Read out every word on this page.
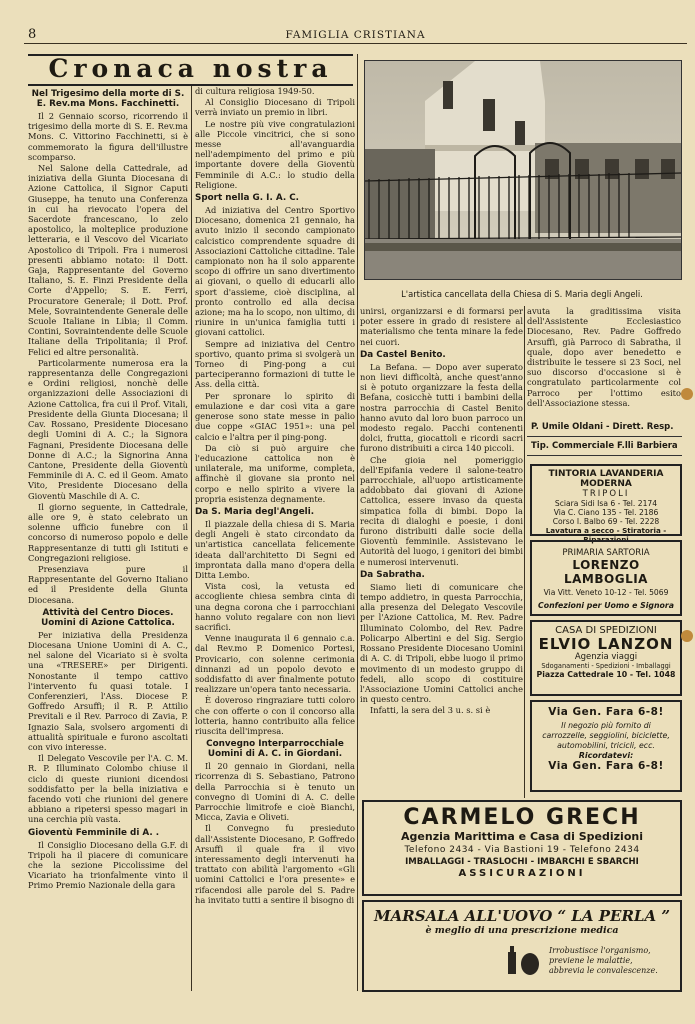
8	FAMIGLIA CRISTIANA
Cronaca nostra
Nel Trigesimo della morte di S. E. Rev.ma Mons. Facchinetti.

Il 2 Gennaio scorso, ricorrendo il trigesimo della morte di S. E. Rev.ma Mons. C. Vittorino Facchinetti, si è commemorato la figura dell'illustre scomparso.

Nel Salone della Cattedrale, ad iniziativa della Giunta Diocesana di Azione Cattolica, il Signor Caputi Giuseppe, ha tenuto una Conferenza in cui ha rievocato l'opera del Sacerdote francescano, lo zelo apostolico, la molteplice produzione letteraria, e il Vescovo del Vicariato Apostolico di Tripoli. Fra i numerosi presenti abbiamo notato: il Dott. Gaja, Rappresentante del Governo Italiano, S. E. Finzi Presidente della Corte d'Appello; S. E. Ferri, Procuratore Generale; il Dott. Prof. Mele, Sovraintendente Generale delle Scuole Italiane in Libia; il Comm. Contini, Sovraintendente delle Scuole Italiane della Tripolitania; il Prof. Felici ed altre personalità.

Particolarmente numerosa era la rappresentanza delle Congregazioni e Ordini religiosi, nonchè delle organizzazioni delle Associazioni di Azione Cattolica, fra cui il Prof. Vitali, Presidente della Giunta Diocesana; il Cav. Rossano, Presidente Diocesano degli Uomini di A. C.; la Signora Fagnani, Presidente Diocesana delle Donne di A.C.; la Signorina Anna Cantone, Presidente della Gioventù Femminile di A. C. ed il Geom. Amato Vito, Presidente Diocesano della Gioventù Maschile di A. C.

Il giorno seguente, in Cattedrale, alle ore 9, è stato celebrato un solenne ufficio funebre con il concorso di numeroso popolo e delle Rappresentanze di tutti gli Istituti e Congregazioni religiose.

Presenziava pure il Rappresentante del Governo Italiano ed il Presidente della Giunta Diocesana.

Attività del Centro Dioces. Uomini di Azione Cattolica.

Per iniziativa della Presidenza Diocesana Unione Uomini di A. C., nel salone del Vicariato si è svolta una «TRESERE» per Dirigenti. Nonostante il tempo cattivo l'intervento fu quasi totale. I Conferenzieri, l'Ass. Diocese P. Goffredo Arsuffi; il R. P. Attilio Previtali e il Rev. Parroco di Zavia, P. Ignazio Sala, svolsero argomenti di attualità spirituale e furono ascoltati con vivo interesse.

Il Delegato Vescovile per l'A. C. M. R. P. Illuminato Colombo chiuse il ciclo di queste riunioni dicendosi soddisfatto per la bella iniziativa e facendo voti che riunioni del genere abbiano a ripetersi spesso magari in una cerchia più vasta.

Gioventù Femminile di A. .

Il Consiglio Diocesano della G.F. di Tripoli ha il piacere di comunicare che la sezione Piccolissime del Vicariato ha trionfalmente vinto il Primo Premio Nazionale della gara

di cultura religiosa 1949-50.

Al Consiglio Diocesano di Tripoli verrà inviato un premio in libri.

Le nostre più vive congratulazioni alle Piccole vincitrici, che si sono messe all'avanguardia nell'adempimento del primo e più importante dovere della Gioventù Femminile di A.C.: lo studio della Religione.

Sport nella G. I. A. C.

Ad iniziativa del Centro Sportivo Diocesano, domenica 21 gennaio, ha avuto inizio il secondo campionato calcistico comprendente squadre di Associazioni Cattoliche cittadine. Tale campionato non ha il solo apparente scopo di offrire un sano divertimento ai giovani, o quello di educarli allo sport d'assieme, cioè disciplina, al pronto controllo ed alla decisa azione; ma ha lo scopo, non ultimo, di riunire in un'unica famiglia tutti i giovani cattolici.

Sempre ad iniziativa del Centro sportivo, quanto prima si svolgerà un Torneo di Ping-pong a cui parteciperanno formazioni di tutte le Ass. della città.

Per spronare lo spirito di emulazione e dar così vita a gare generose sono state messe in palio due coppe «GIAC 1951»: una pel calcio e l'altra per il ping-pong.

Da ciò si può arguire che l'educazione cattolica non è unilaterale, ma uniforme, completa, affinchè il giovane sia pronto nel corpo e nello spirito a vivere la propria esistenza degnamente.

Da S. Maria degl'Angeli.

Il piazzale della chiesa di S. Maria degli Angeli è stato circondato da un'artistica cancellata felicemente ideata dall'architetto Di Segni ed improntata dalla mano d'opera della Ditta Lembo.

Vista così, la vetusta ed accogliente chiesa sembra cinta di una degna corona che i parrocchiani hanno voluto regalare con non lievi sacrifici.

Venne inaugurata il 6 gennaio c.a. dal Rev.mo P. Domenico Portesi, Provicario, con solenne cerimonia dinnanzi ad un popolo devoto e soddisfatto di aver finalmente potuto realizzare un'opera tanto necessaria.

È doveroso ringraziare tutti coloro che con offerte o con il concorso alla lotteria, hanno contribuito alla felice riuscita dell'impresa.

Convegno Interparrocchiale Uomini di A. C. in Giordani.

Il 20 gennaio in Giordani, nella ricorrenza di S. Sebastiano, Patrono della Parrocchia si è tenuto un convegno di Uomini di A. C. delle Parrocchie limitrofe e cioè Bianchi, Micca, Zavia e Oliveti.

Il Convegno fu presieduto dall'Assistente Diocesano, P. Goffredo Arsuffi il quale fra il vivo interessamento degli intervenuti ha trattato con abilità l'argomento «Gli uomini Cattolici e l'ora presente» e rifacendosi alle parole del S. Padre ha invitato tutti a sentire il bisogno di

L'artistica cancellata della Chiesa di S. Maria degli Angeli.

unirsi, organizzarsi e di formarsi per poter essere in grado di resistere al materialismo che tenta minare la fede nei cuori.

Da Castel Benito.

La Befana. — Dopo aver superato non lievi difficoltà, anche quest'anno si è potuto organizzare la festa della Befana, cosicchè tutti i bambini della nostra parrocchia di Castel Benito hanno avuto dal loro buon parroco un modesto regalo. Pacchi contenenti dolci, frutta, giocattoli e ricordi sacri furono distribuiti a circa 140 piccoli.

Che gioia nel pomeriggio dell'Epifania vedere il salone-teatro parrocchiale, all'uopo artisticamente addobbato dai giovani di Azione Cattolica, essere invaso da questa simpatica folla di bimbi. Dopo la recita di dialoghi e poesie, i doni furono distribuiti dalle socie della Gioventù femminile. Assistevano le Autorità del luogo, i genitori dei bimbi e numerosi intervenuti.

Da Sabratha.

Siamo lieti di comunicare che tempo addietro, in questa Parrocchia, alla presenza del Delegato Vescovile per l'Azione Cattolica, M. Rev. Padre Illuminato Colombo, del Rev. Padre Policarpo Albertini e del Sig. Sergio Rossano Presidente Diocesano Uomini di A. C. di Tripoli, ebbe luogo il primo movimento di un modesto gruppo di fedeli, allo scopo di costituire l'Associazione Uomini Cattolici anche in questo centro.

Infatti, la sera del 3 u. s. si è

avuta la graditissima visita dell'Assistente Ecclesiastico Diocesano, Rev. Padre Goffredo Arsuffi, già Parroco di Sabratha, il quale, dopo aver benedetto e distribuite le tessere si 23 Soci, nel suo discorso d'occasione si è congratulato particolarmente col Parroco per l'ottimo esito dell'Associazione stessa.

P. Umile Oldani - Dirett. Resp.
Tip. Commerciale F.lli Barbiera
TINTORIA LAVANDERIA MODERNA
TRIPOLI
Sciara Sidi Isa 6 - Tel. 2174
Via C. Ciano 135 - Tel. 2186
Corso I. Balbo 69 - Tel. 2228
Lavatura a secco - Stiratoria - Riparazioni
PRIMARIA SARTORIA
LORENZO LAMBOGLIA
Via Vitt. Veneto 10-12 - Tel. 5069
Confezioni per Uomo e Signora
CASA DI SPEDIZIONI
ELVIO LANZON
Agenzia viaggi
Sdoganamenti - Spedizioni - Imballaggi
Piazza Cattedrale 10 - Tel. 1048
Via Gen. Fara 6-8!
Il negozio più fornito di carrozzelle, seggiolini, biciclette, automobilini, tricicli, ecc.
Ricordatevi:
Via Gen. Fara 6-8!
CARMELO GRECH
Agenzia Marittima e Casa di Spedizioni
Telefono 2434 - Via Bastioni 19 - Telefono 2434
IMBALLAGGI - TRASLOCHI - IMBARCHI E SBARCHI
ASSICURAZIONI
MARSALA ALL'UOVO “ LA PERLA ”
è meglio di una prescrizione medica
Irrobustisce l'organismo,
previene le malattie,
abbrevia le convalescenze.
